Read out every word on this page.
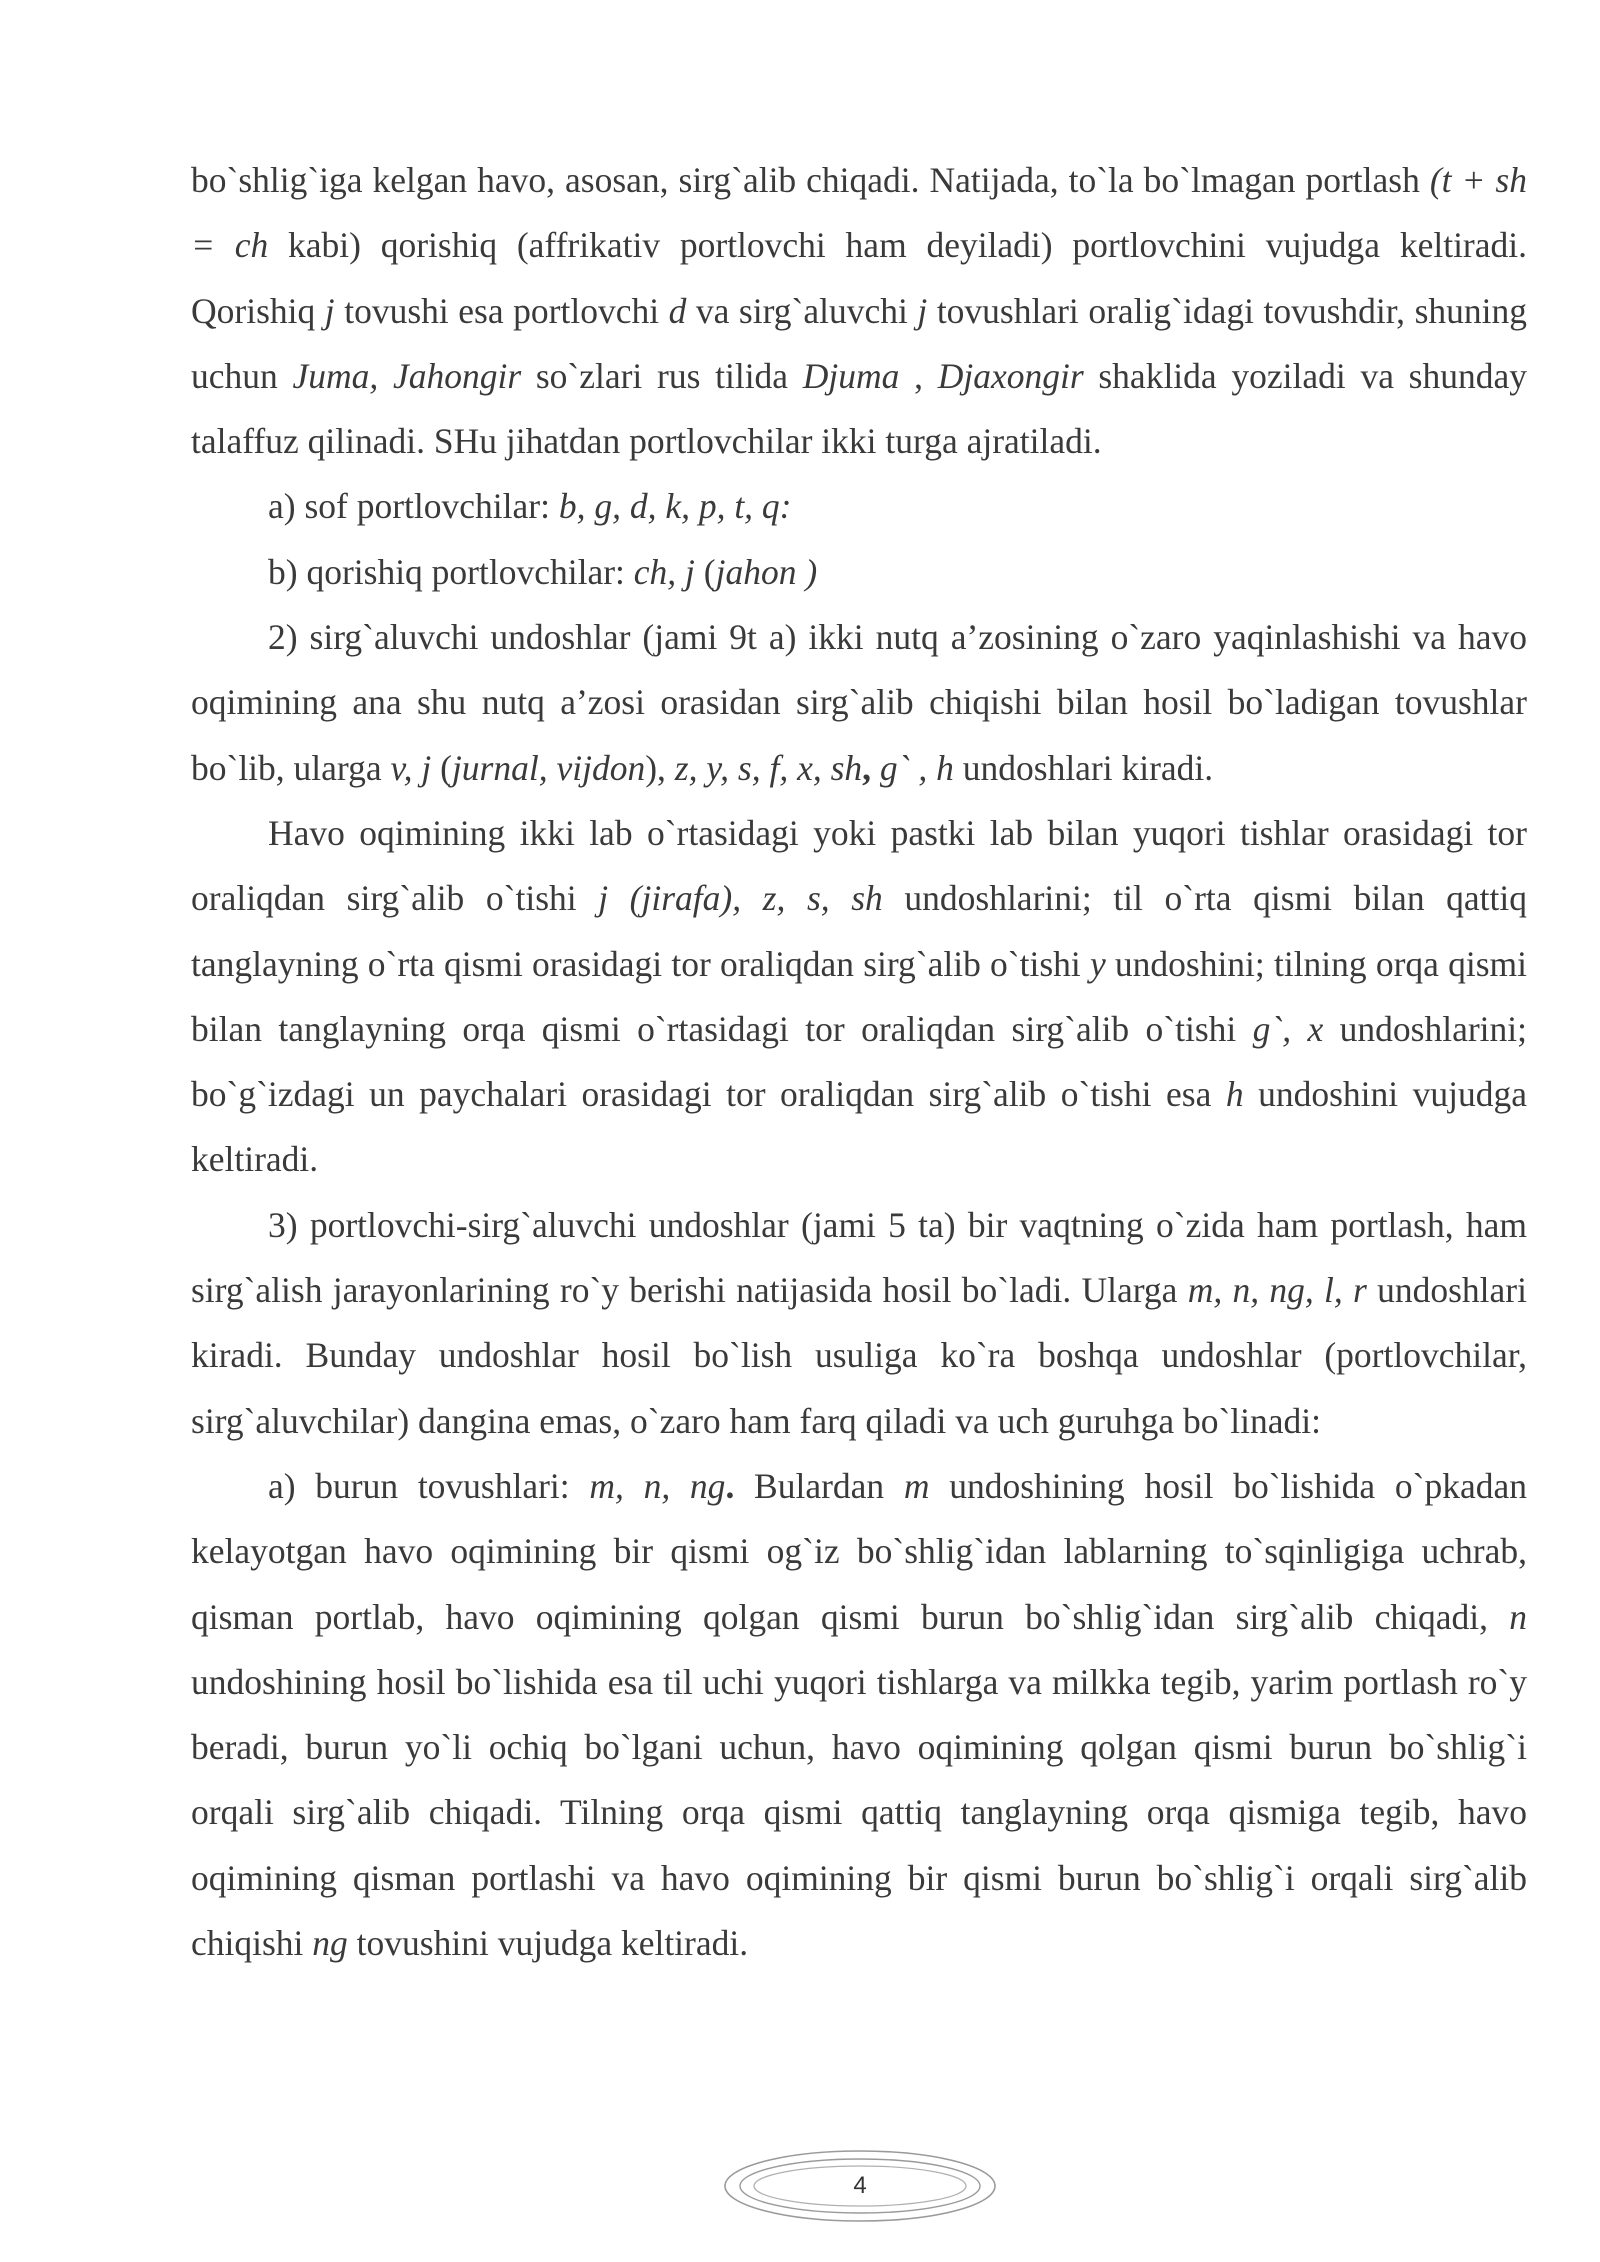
bo`shlig`iga kelgan havo, asosan, sirg`alib chiqadi. Natijada, to`la bo`lmagan portlash (t + sh = ch kabi) qorishiq (affrikativ portlovchi ham deyiladi) portlovchini vujudga keltiradi. Qorishiq j tovushi esa portlovchi d va sirg`aluvchi j tovushlari oralig`idagi tovushdir, shuning uchun Juma, Jahongir so`zlari rus tilida Djuma , Djaxongir shaklida yoziladi va shunday talaffuz qilinadi. SHu jihatdan portlovchilar ikki turga ajratiladi.

a) sof portlovchilar: b, g, d, k, p, t, q:

b) qorishiq portlovchilar: ch, j (jahon )

2) sirg`aluvchi undoshlar (jami 9t a) ikki nutq a’zosining o`zaro yaqinlashishi va havo oqimining ana shu nutq a’zosi orasidan sirg`alib chiqishi bilan hosil bo`ladigan tovushlar bo`lib, ularga v, j (jurnal, vijdon), z, y, s, f, x, sh, g` , h undoshlari kiradi.

Havo oqimining ikki lab o`rtasidagi yoki pastki lab bilan yuqori tishlar orasidagi tor oraliqdan sirg`alib o`tishi j (jirafa), z, s, sh undoshlarini; til o`rta qismi bilan qattiq tanglayning o`rta qismi orasidagi tor oraliqdan sirg`alib o`tishi y undoshini; tilning orqa qismi bilan tanglayning orqa qismi o`rtasidagi tor oraliqdan sirg`alib o`tishi g`, x undoshlarini; bo`g`izdagi un paychalari orasidagi tor oraliqdan sirg`alib o`tishi esa h undoshini vujudga keltiradi.

3) portlovchi-sirg`aluvchi undoshlar (jami 5 ta) bir vaqtning o`zida ham portlash, ham sirg`alish jarayonlarining ro`y berishi natijasida hosil bo`ladi. Ularga m, n, ng, l, r undoshlari kiradi. Bunday undoshlar hosil bo`lish usuliga ko`ra boshqa undoshlar (portlovchilar, sirg`aluvchilar) dangina emas, o`zaro ham farq qiladi va uch guruhga bo`linadi:

a) burun tovushlari: m, n, ng. Bulardan m undoshining hosil bo`lishida o`pkadan kelayotgan havo oqimining bir qismi og`iz bo`shlig`idan lablarning to`sqinligiga uchrab, qisman portlab, havo oqimining qolgan qismi burun bo`shlig`idan sirg`alib chiqadi, n undoshining hosil bo`lishida esa til uchi yuqori tishlarga va milkka tegib, yarim portlash ro`y beradi, burun yo`li ochiq bo`lgani uchun, havo oqimining qolgan qismi burun bo`shlig`i orqali sirg`alib chiqadi. Tilning orqa qismi qattiq tanglayning orqa qismiga tegib, havo oqimining qisman portlashi va havo oqimining bir qismi burun bo`shlig`i orqali sirg`alib chiqishi ng tovushini vujudga keltiradi.

4
